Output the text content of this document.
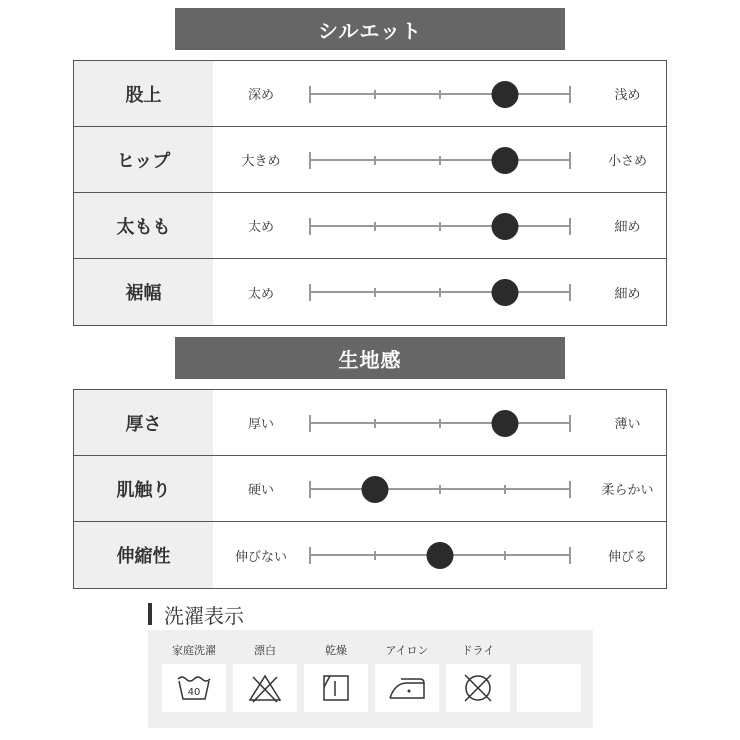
シルエット
股上	深め	浅め
ヒップ	大きめ	小さめ
太もも	太め	細め
裾幅	太め	細め
生地感
厚さ	厚い	薄い
肌触り	硬い	柔らかい
伸縮性	伸びない	伸びる
洗濯表示
家庭洗濯
40
漂白	乾燥	アイロン	ドライ
